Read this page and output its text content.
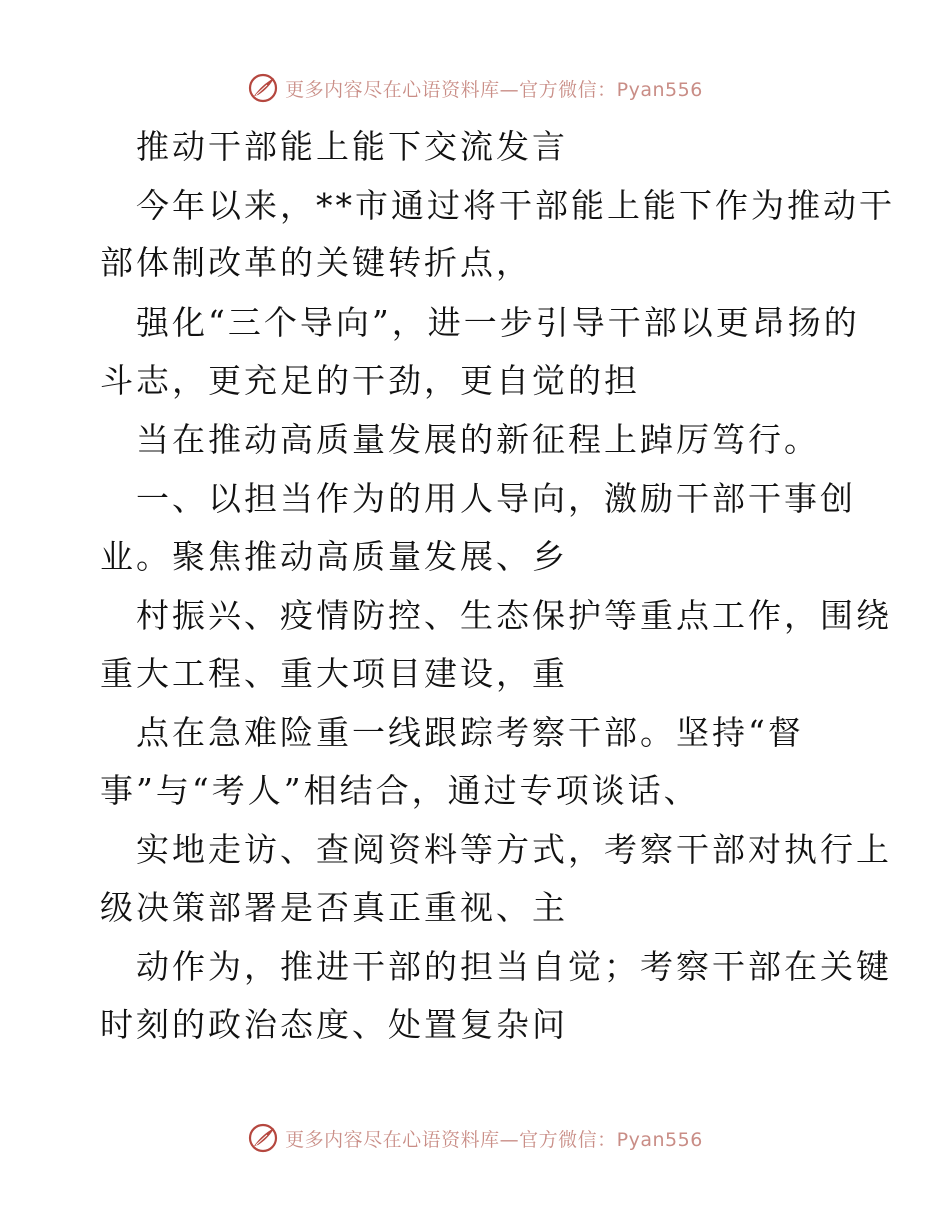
更多内容尽在心语资料库—官方微信：Pyan556
推动干部能上能下交流发言
今年以来，**市通过将干部能上能下作为推动干
部体制改革的关键转折点，
强化“三个导向”，进一步引导干部以更昂扬的
斗志，更充足的干劲，更自觉的担
当在推动高质量发展的新征程上踔厉笃行。
一、以担当作为的用人导向，激励干部干事创
业。聚焦推动高质量发展、乡
村振兴、疫情防控、生态保护等重点工作，围绕
重大工程、重大项目建设，重
点在急难险重一线跟踪考察干部。坚持“督
事”与“考人”相结合，通过专项谈话、
实地走访、查阅资料等方式，考察干部对执行上
级决策部署是否真正重视、主
动作为，推进干部的担当自觉；考察干部在关键
时刻的政治态度、处置复杂问
更多内容尽在心语资料库—官方微信：Pyan556
